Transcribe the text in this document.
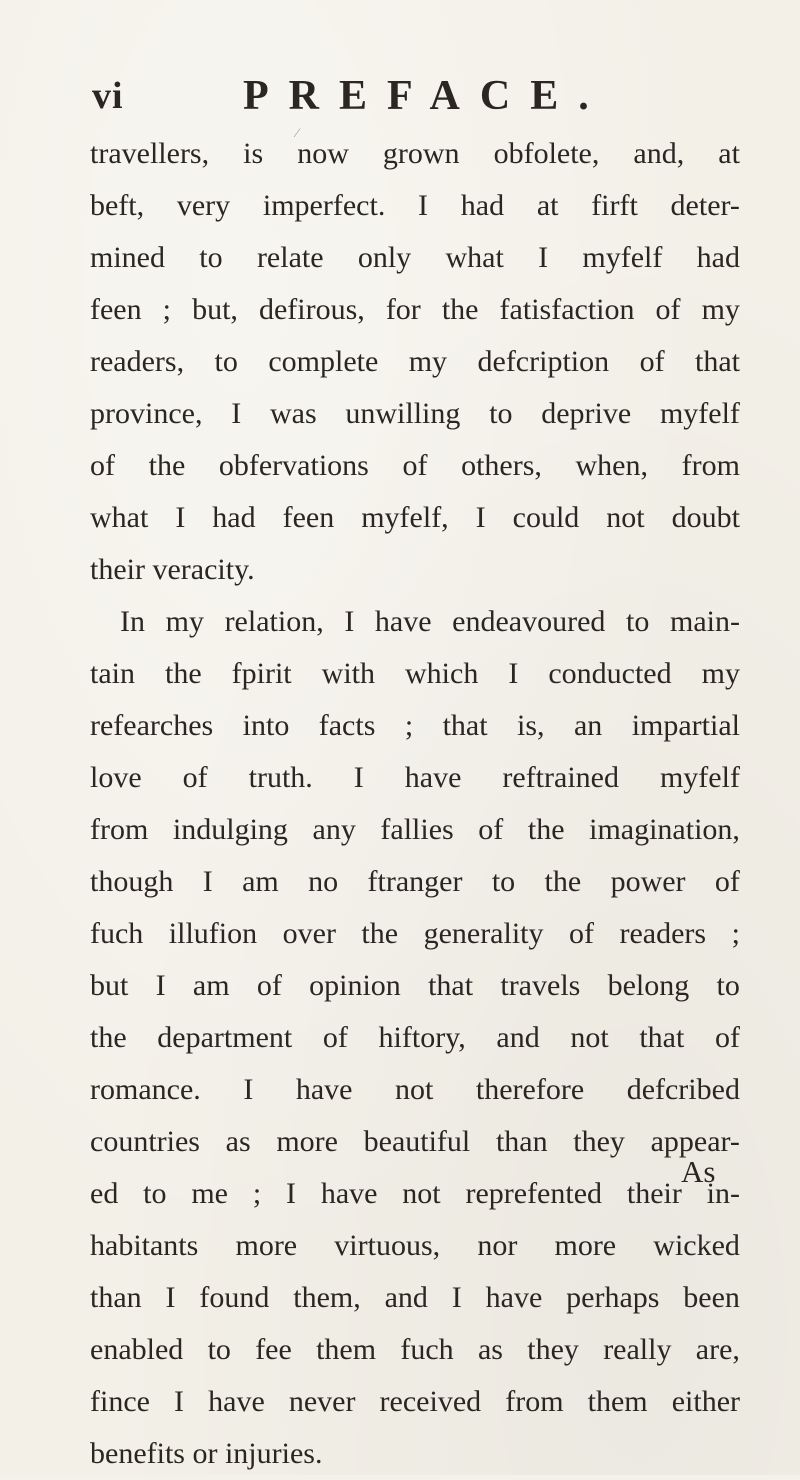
vi	PREFACE.
⁄
travellers, is now grown obfolete, and, at
beft, very imperfect. I had at firft deter-
mined to relate only what I myfelf had
feen ; but, defirous, for the fatisfaction of my
readers, to complete my defcription of that
province, I was unwilling to deprive myfelf
of the obfervations of others, when, from
what I had feen myfelf, I could not doubt
their veracity.
In my relation, I have endeavoured to main-
tain the fpirit with which I conducted my
refearches into facts ; that is, an impartial
love of truth. I have reftrained myfelf
from indulging any fallies of the imagination,
though I am no ftranger to the power of
fuch illufion over the generality of readers ;
but I am of opinion that travels belong to
the department of hiftory, and not that of
romance. I have not therefore defcribed
countries as more beautiful than they appear-
ed to me ; I have not reprefented their in-
habitants more virtuous, nor more wicked
than I found them, and I have perhaps been
enabled to fee them fuch as they really are,
fince I have never received from them either
benefits or injuries.
As
